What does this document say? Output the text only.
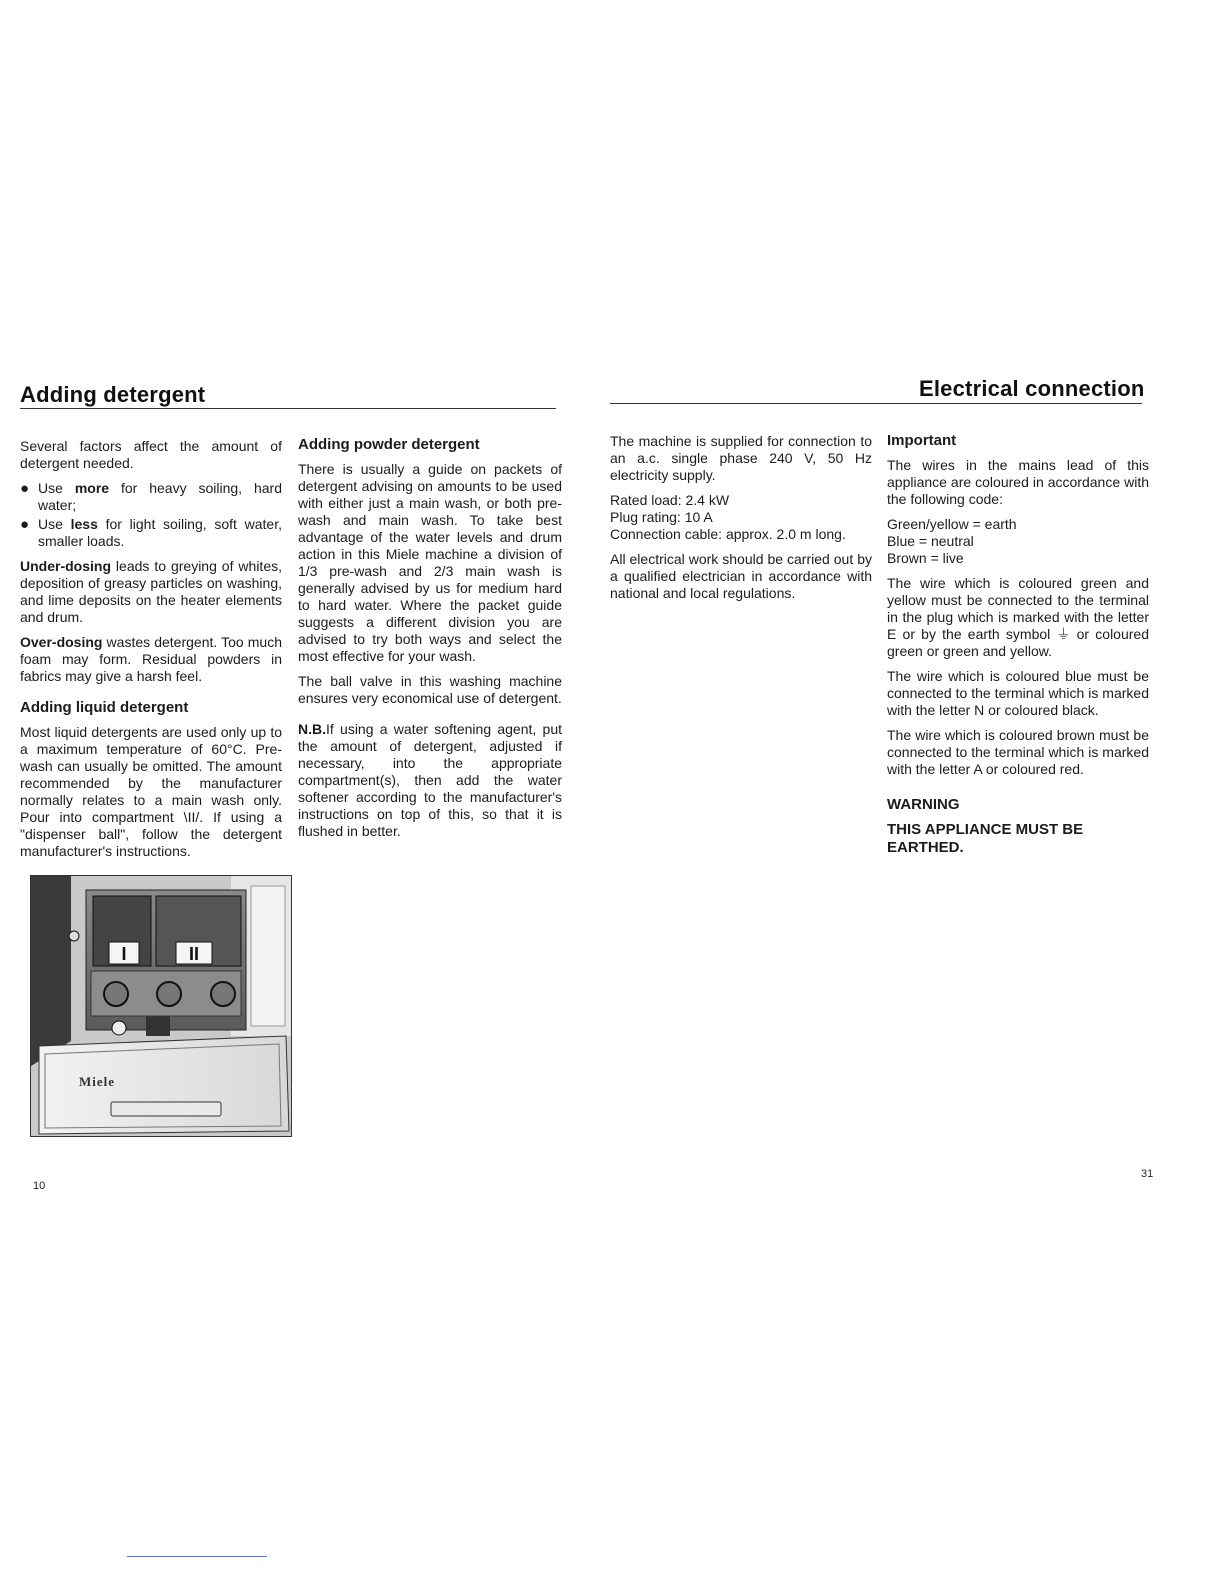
Adding detergent

Several factors affect the amount of detergent needed.

● Use more for heavy soiling, hard water;
● Use less for light soiling, soft water, smaller loads.

Under-dosing leads to greying of whites, deposition of greasy particles on washing, and lime deposits on the heater elements and drum.

Over-dosing wastes detergent. Too much foam may form. Residual powders in fabrics may give a harsh feel.

Adding liquid detergent

Most liquid detergents are used only up to a maximum temperature of 60°C. Pre-wash can usually be omitted. The amount recommended by the manufacturer normally relates to a main wash only. Pour into compartment \II/. If using a "dispenser ball", follow the detergent manufacturer's instructions.

Adding powder detergent

There is usually a guide on packets of detergent advising on amounts to be used with either just a main wash, or both pre-wash and main wash. To take best advantage of the water levels and drum action in this Miele machine a division of 1/3 pre-wash and 2/3 main wash is generally advised by us for medium hard to hard water. Where the packet guide suggests a different division you are advised to try both ways and select the most effective for your wash.

The ball valve in this washing machine ensures very economical use of detergent.

N.B.If using a water softening agent, put the amount of detergent, adjusted if necessary, into the appropriate compartment(s), then add the water softener according to the manufacturer's instructions on top of this, so that it is flushed in better.

I	II
Miele
10
Electrical connection

The machine is supplied for connection to an a.c. single phase 240 V, 50 Hz electricity supply.

Rated load: 2.4 kW
Plug rating: 10 A
Connection cable: approx. 2.0 m long.

All electrical work should be carried out by a qualified electrician in accordance with national and local regulations.

Important

The wires in the mains lead of this appliance are coloured in accordance with the following code:

Green/yellow = earth
Blue = neutral
Brown = live

The wire which is coloured green and yellow must be connected to the terminal in the plug which is marked with the letter E or by the earth symbol ⏚ or coloured green or green and yellow.

The wire which is coloured blue must be connected to the terminal which is marked with the letter N or coloured black.

The wire which is coloured brown must be connected to the terminal which is marked with the letter A or coloured red.

WARNING
THIS APPLIANCE MUST BE EARTHED.
31
